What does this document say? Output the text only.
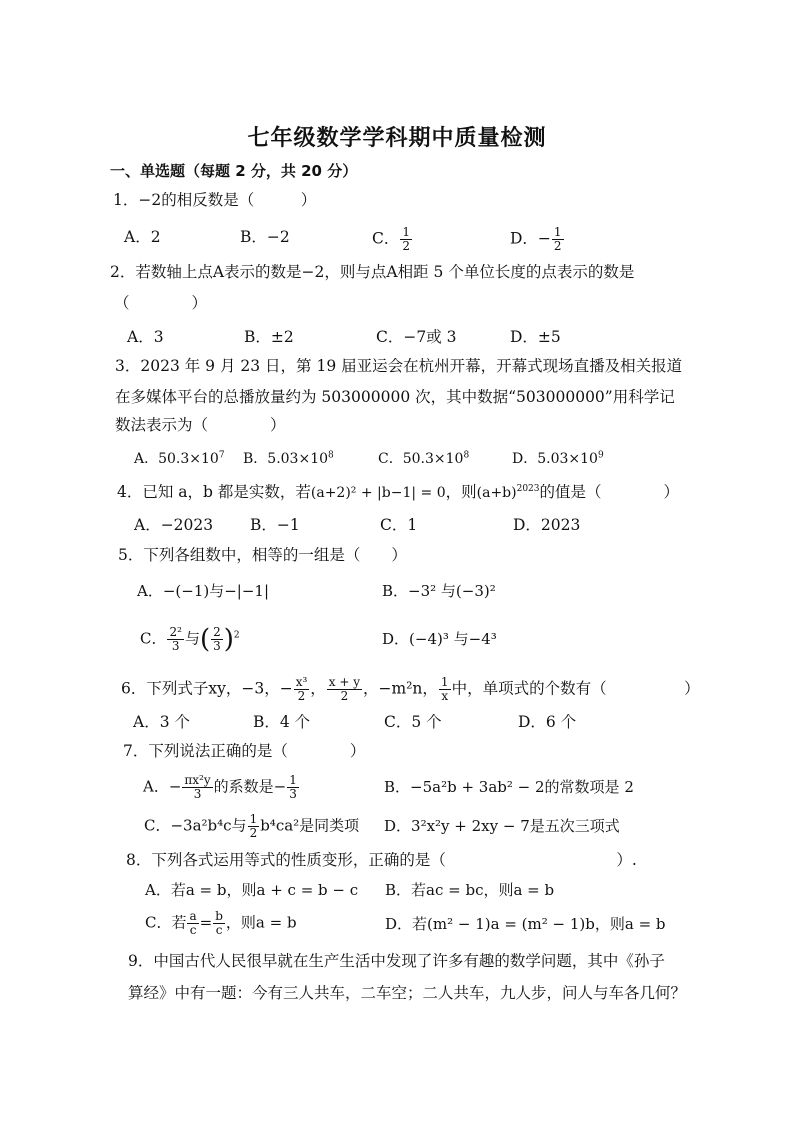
七年级数学学科期中质量检测
一、单选题（每题 2 分，共 20 分）
1．−2的相反数是（　　　）
A．2	B．−2	C． $\frac{1}{2}$	D．− $\frac{1}{2}$
2．若数轴上点A表示的数是−2，则与点A相距 5 个单位长度的点表示的数是
（　　　　）
A．3	B．±2	C．−7或 3	D．±5
3．2023 年 9 月 23 日，第 19 届亚运会在杭州开幕，开幕式现场直播及相关报道
在多媒体平台的总播放量约为 503000000 次，其中数据“503000000”用科学记
数法表示为（　　　　）
A．$50.3\times 10^7$ B．$5.03\times 10^8$	C．$50.3\times 10^8$	D．$5.03\times 10^9$
4．已知 a，b 都是实数，若(a+2)² + |b−1| = 0，则$(a+b)^{2023}$的值是（　　　　）
A．−2023 B．−1	C．1	D．2023
5．下列各组数中，相等的一组是（　　）
A．−(−1)与−|−1|	B．−3² 与(−3)²
C． $\frac{\text{2²}}{3}$ 与( $\frac{2}{3} )^2$	D．(−4)³ 与−4³
6．下列式子xy，−3，− $\frac{\text{x³}}{2}$ ， $\frac{x + y}{2}$ ，−m²n， $\frac{1}{x}$ 中，单项式的个数有（　　　　　）
A．3 个	B．4 个	C．5 个	D．6 个
7．下列说法正确的是（　　　　）
A．− $\frac{\text{πx²y}}{3}$ 的系数是− $\frac{1}{3}$	B．−5a²b + 3ab² − 2的常数项是 2
C．−3a²b⁴c与 $\frac{1}{2} b^4ca^2$是同类项 D．3²x²y + 2xy − 7是五次三项式
8．下列各式运用等式的性质变形，正确的是（　　　　　　　　　　　）.
A．若a = b，则a + c = b − c B．若ac = bc，则a = b
C．若 $\frac{a}{c} = \frac{b}{c}$ ，则a = b	D．若(m² − 1)a = (m² − 1)b，则a = b
9．中国古代人民很早就在生产生活中发现了许多有趣的数学问题，其中《孙子
算经》中有一题：今有三人共车，二车空；二人共车，九人步，问人与车各几何？
